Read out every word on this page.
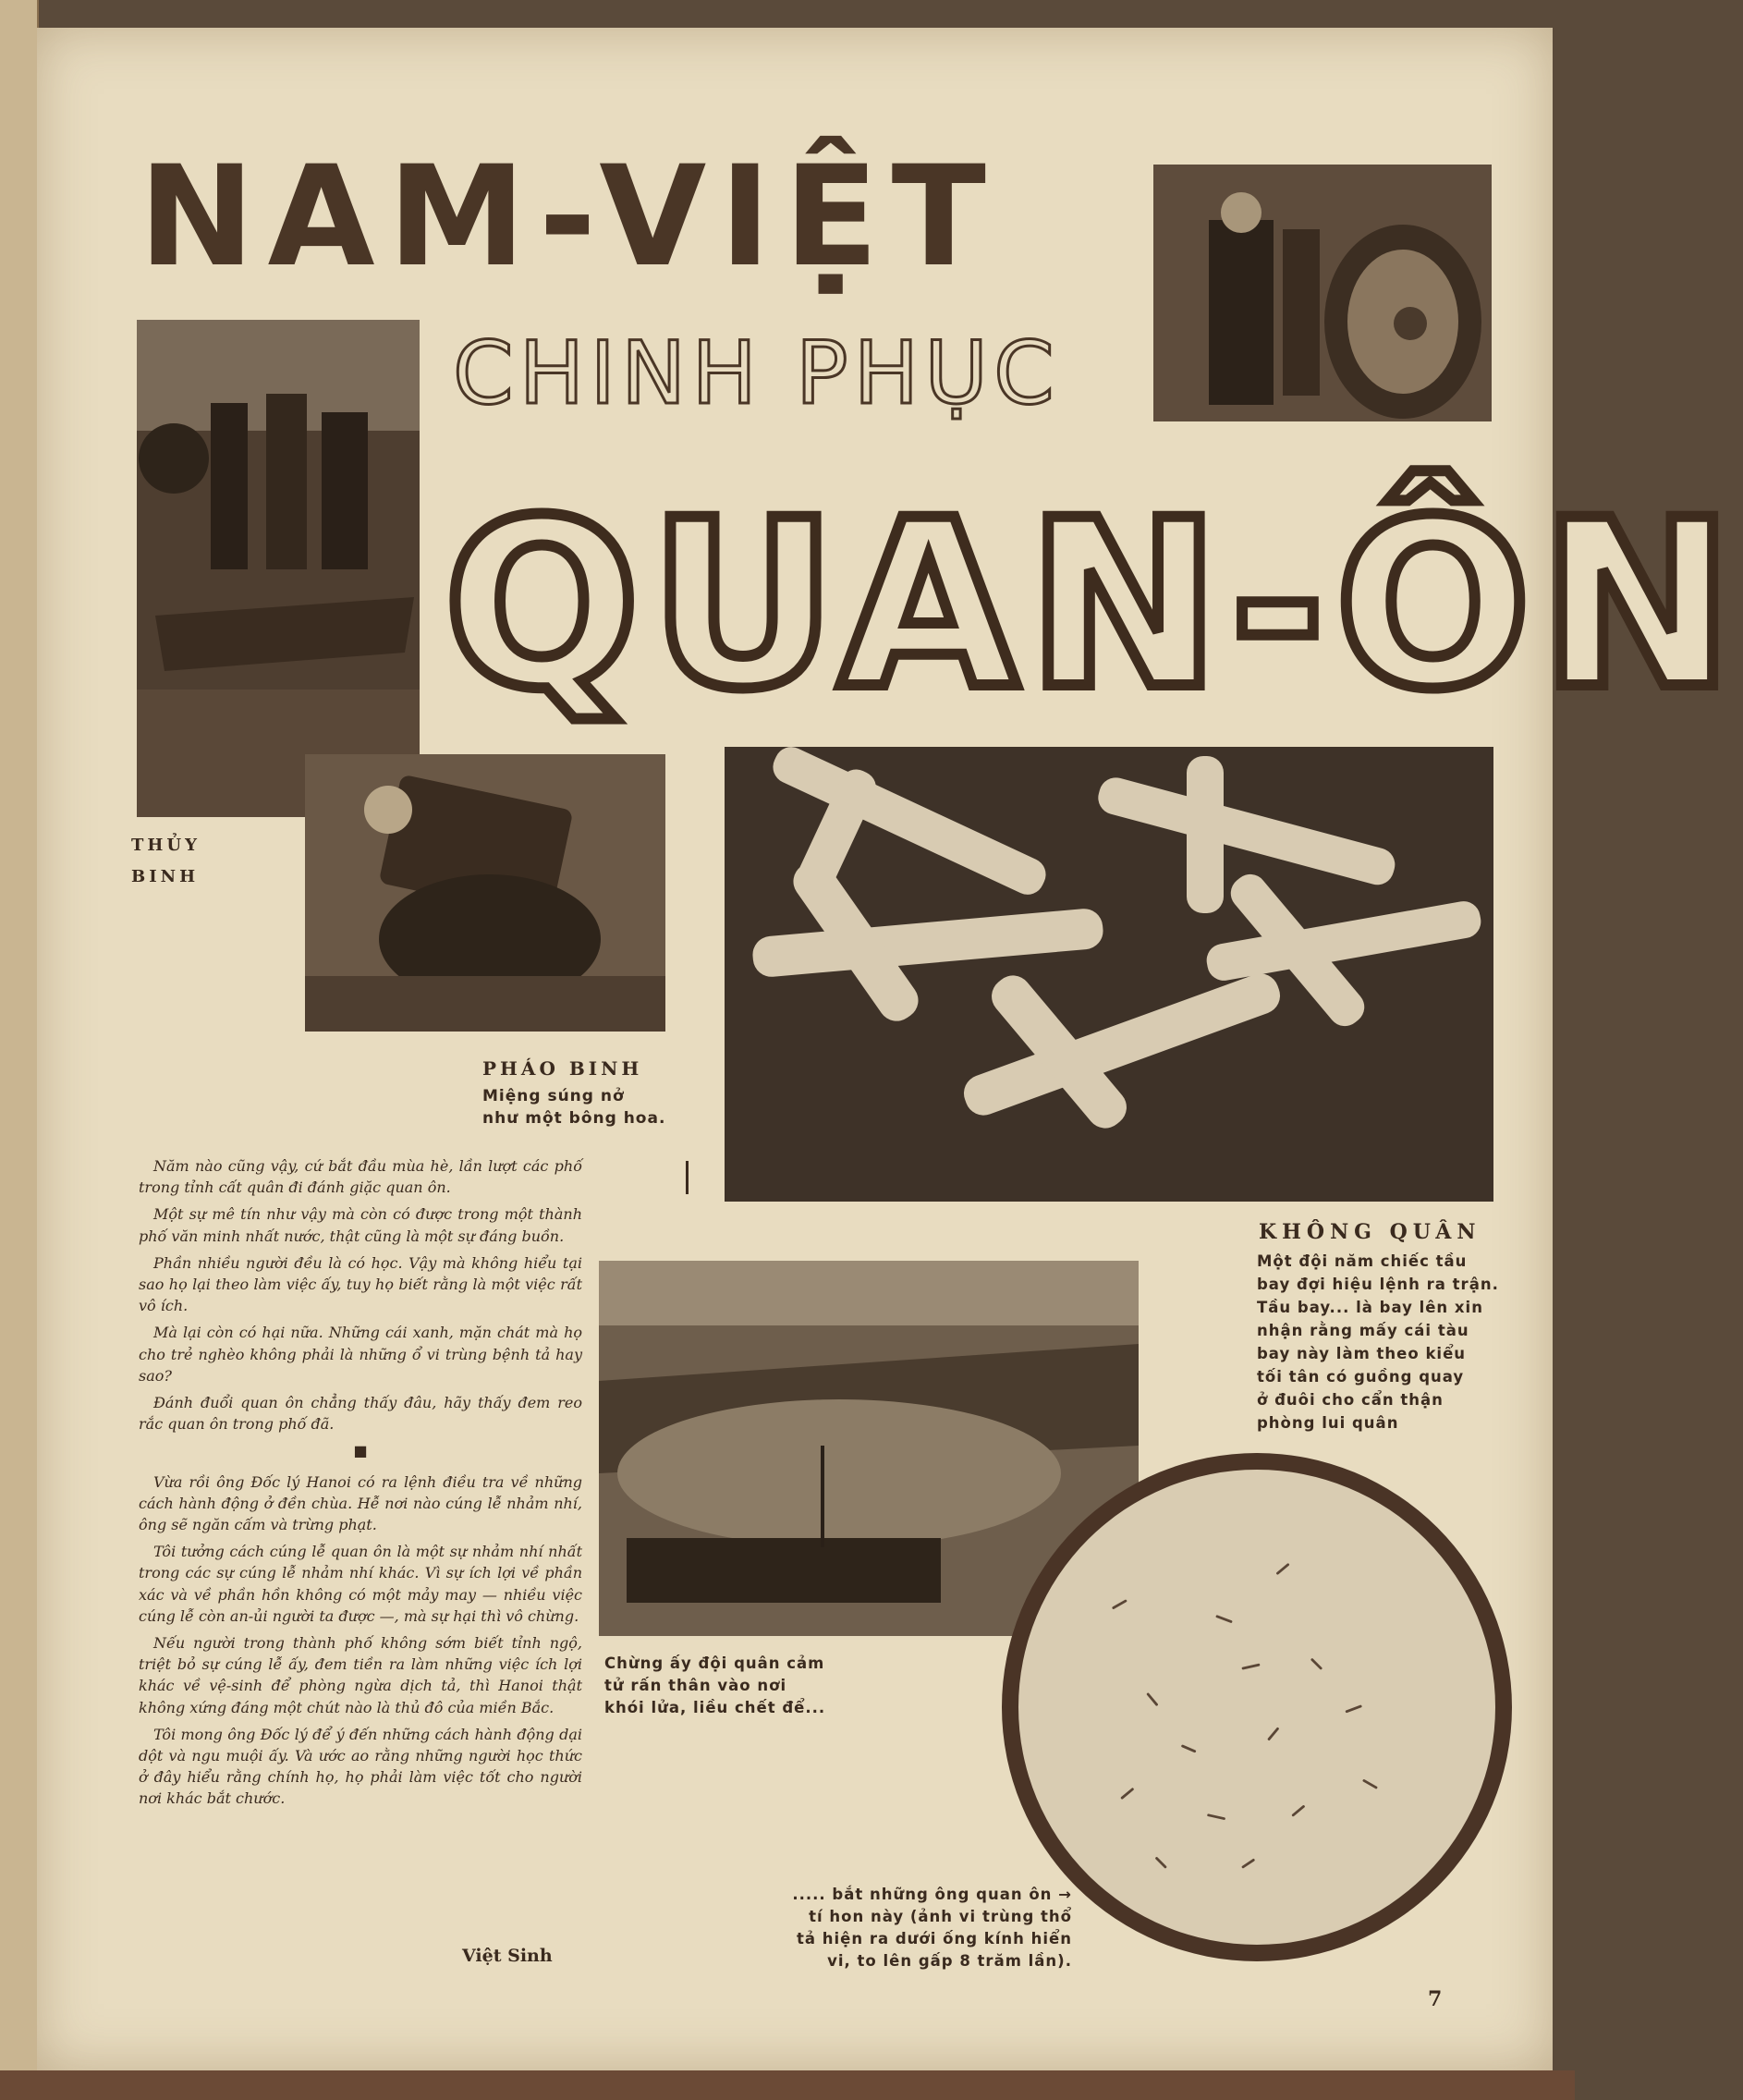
NAM-VIỆT
CHINH PHỤC
QUAN-ÔN
THỦY
BINH
PHÁO BINH
Miệng súng nở
như một bông hoa.
KHÔNG QUÂN
Một đội năm chiếc tầu
bay đợi hiệu lệnh ra trận.
Tầu bay... là bay lên xin
nhận rằng mấy cái tàu
bay này làm theo kiểu
tối tân có guồng quay
ở đuôi cho cẩn thận
phòng lui quân
Chừng ấy đội quân cảm
tử rấn thân vào nơi
khói lửa, liều chết để...
..... bắt những ông quan ôn →
tí hon này (ảnh vi trùng thổ
tả hiện ra dưới ống kính hiển
vi, to lên gấp 8 trăm lần).

Năm nào cũng vậy, cứ bắt đầu mùa hè, lần lượt các phố trong tỉnh cất quân đi đánh giặc quan ôn.

Một sự mê tín như vậy mà còn có được trong một thành phố văn minh nhất nước, thật cũng là một sự đáng buồn.

Phần nhiều người đều là có học. Vậy mà không hiểu tại sao họ lại theo làm việc ấy, tuy họ biết rằng là một việc rất vô ích.

Mà lại còn có hại nữa. Những cái xanh, mặn chát mà họ cho trẻ nghèo không phải là những ổ vi trùng bệnh tả hay sao?

Đánh đuổi quan ôn chẳng thấy đâu, hãy thấy đem reo rắc quan ôn trong phố đã.

■

Vừa rồi ông Đốc lý Hanoi có ra lệnh điều tra về những cách hành động ở đền chùa. Hễ nơi nào cúng lễ nhảm nhí, ông sẽ ngăn cấm và trừng phạt.

Tôi tưởng cách cúng lễ quan ôn là một sự nhảm nhí nhất trong các sự cúng lễ nhảm nhí khác. Vì sự ích lợi về phần xác và về phần hồn không có một mảy may — nhiều việc cúng lễ còn an-ủi người ta được —, mà sự hại thì vô chừng.

Nếu người trong thành phố không sớm biết tỉnh ngộ, triệt bỏ sự cúng lễ ấy, đem tiền ra làm những việc ích lợi khác về vệ-sinh để phòng ngừa dịch tả, thì Hanoi thật không xứng đáng một chút nào là thủ đô của miền Bắc.

Tôi mong ông Đốc lý để ý đến những cách hành động dại dột và ngu muội ấy. Và ước ao rằng những người học thức ở đây hiểu rằng chính họ, họ phải làm việc tốt cho người nơi khác bắt chước.

Việt Sinh
7
